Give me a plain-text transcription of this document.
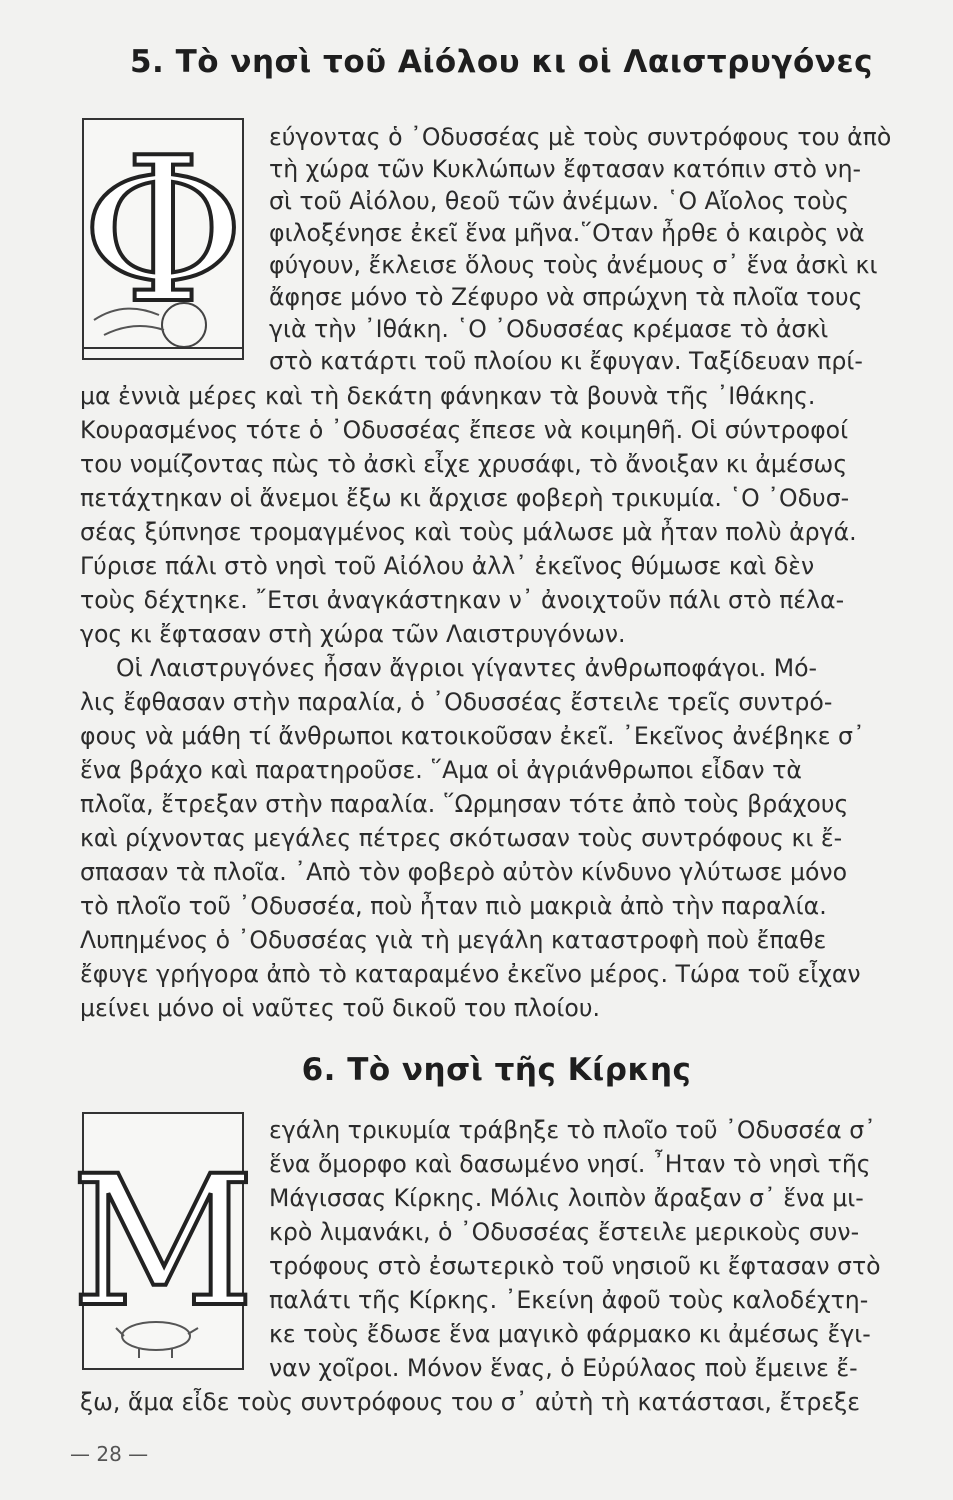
5. Τὸ νησὶ τοῦ Αἰόλου κι οἱ Λαιστρυγόνες
Φ εύγοντας ὁ ᾿Οδυσσέας μὲ τοὺς συντρόφους του ἀπὸ

τὴ χώρα τῶν Κυκλώπων ἔφτασαν κατόπιν στὸ νη-

σὶ τοῦ Αἰόλου, θεοῦ τῶν ἀνέμων. ῾Ο Αἴολος τοὺς

φιλοξένησε ἐκεῖ ἕνα μῆνα.῞Οταν ἦρθε ὁ καιρὸς νὰ

φύγουν, ἔκλεισε ὅλους τοὺς ἀνέμους σ᾿ ἕνα ἀσκὶ κι

ἄφησε μόνο τὸ Ζέφυρο νὰ σπρώχνη τὰ πλοῖα τους

γιὰ τὴν ᾿Ιθάκη. ῾Ο ᾿Οδυσσέας κρέμασε τὸ ἀσκὶ

στὸ κατάρτι τοῦ πλοίου κι ἔφυγαν. Ταξίδευαν πρί-

μα ἐννιὰ μέρες καὶ τὴ δεκάτη φάνηκαν τὰ βουνὰ τῆς ᾿Ιθάκης.

Κουρασμένος τότε ὁ ᾿Οδυσσέας ἔπεσε νὰ κοιμηθῆ. Οἱ σύντροφοί

του νομίζοντας πὼς τὸ ἀσκὶ εἶχε χρυσάφι, τὸ ἄνοιξαν κι ἀμέσως

πετάχτηκαν οἱ ἄνεμοι ἔξω κι ἄρχισε φοβερὴ τρικυμία. ῾Ο ᾿Οδυσ-

σέας ξύπνησε τρομαγμένος καὶ τοὺς μάλωσε μὰ ἦταν πολὺ ἀργά.

Γύρισε πάλι στὸ νησὶ τοῦ Αἰόλου ἀλλ᾿ ἐκεῖνος θύμωσε καὶ δὲν

τοὺς δέχτηκε. ῎Ετσι ἀναγκάστηκαν ν᾿ ἀνοιχτοῦν πάλι στὸ πέλα-

γος κι ἔφτασαν στὴ χώρα τῶν Λαιστρυγόνων.

Οἱ Λαιστρυγόνες ἦσαν ἄγριοι γίγαντες ἀνθρωποφάγοι. Μό-

λις ἔφθασαν στὴν παραλία, ὁ ᾿Οδυσσέας ἔστειλε τρεῖς συντρό-

φους νὰ μάθη τί ἄνθρωποι κατοικοῦσαν ἐκεῖ. ᾿Εκεῖνος ἀνέβηκε σ᾿

ἕνα βράχο καὶ παρατηροῦσε. ῞Αμα οἱ ἀγριάνθρωποι εἶδαν τὰ

πλοῖα, ἔτρεξαν στὴν παραλία. ῞Ωρμησαν τότε ἀπὸ τοὺς βράχους

καὶ ρίχνοντας μεγάλες πέτρες σκότωσαν τοὺς συντρόφους κι ἔ-

σπασαν τὰ πλοῖα. ᾿Απὸ τὸν φοβερὸ αὐτὸν κίνδυνο γλύτωσε μόνο

τὸ πλοῖο τοῦ ᾿Οδυσσέα, ποὺ ἦταν πιὸ μακριὰ ἀπὸ τὴν παραλία.

Λυπημένος ὁ ᾿Οδυσσέας γιὰ τὴ μεγάλη καταστροφὴ ποὺ ἔπαθε

ἔφυγε γρήγορα ἀπὸ τὸ καταραμένο ἐκεῖνο μέρος. Τώρα τοῦ εἶχαν

μείνει μόνο οἱ ναῦτες τοῦ δικοῦ του πλοίου.

6. Τὸ νησὶ τῆς Κίρκης
Μ

εγάλη τρικυμία τράβηξε τὸ πλοῖο τοῦ ᾿Οδυσσέα σ᾿

ἕνα ὄμορφο καὶ δασωμένο νησί. ῏Ηταν τὸ νησὶ τῆς

Μάγισσας Κίρκης. Μόλις λοιπὸν ἄραξαν σ᾿ ἕνα μι-

κρὸ λιμανάκι, ὁ ᾿Οδυσσέας ἔστειλε μερικοὺς συν-

τρόφους στὸ ἐσωτερικὸ τοῦ νησιοῦ κι ἔφτασαν στὸ

παλάτι τῆς Κίρκης. ᾿Εκείνη ἀφοῦ τοὺς καλοδέχτη-

κε τοὺς ἔδωσε ἕνα μαγικὸ φάρμακο κι ἀμέσως ἔγι-

ναν χοῖροι. Μόνον ἕνας, ὁ Εὐρύλαος ποὺ ἔμεινε ἔ-

ξω, ἅμα εἶδε τοὺς συντρόφους του σ᾿ αὐτὴ τὴ κατάστασι, ἔτρεξε

— 28 —
